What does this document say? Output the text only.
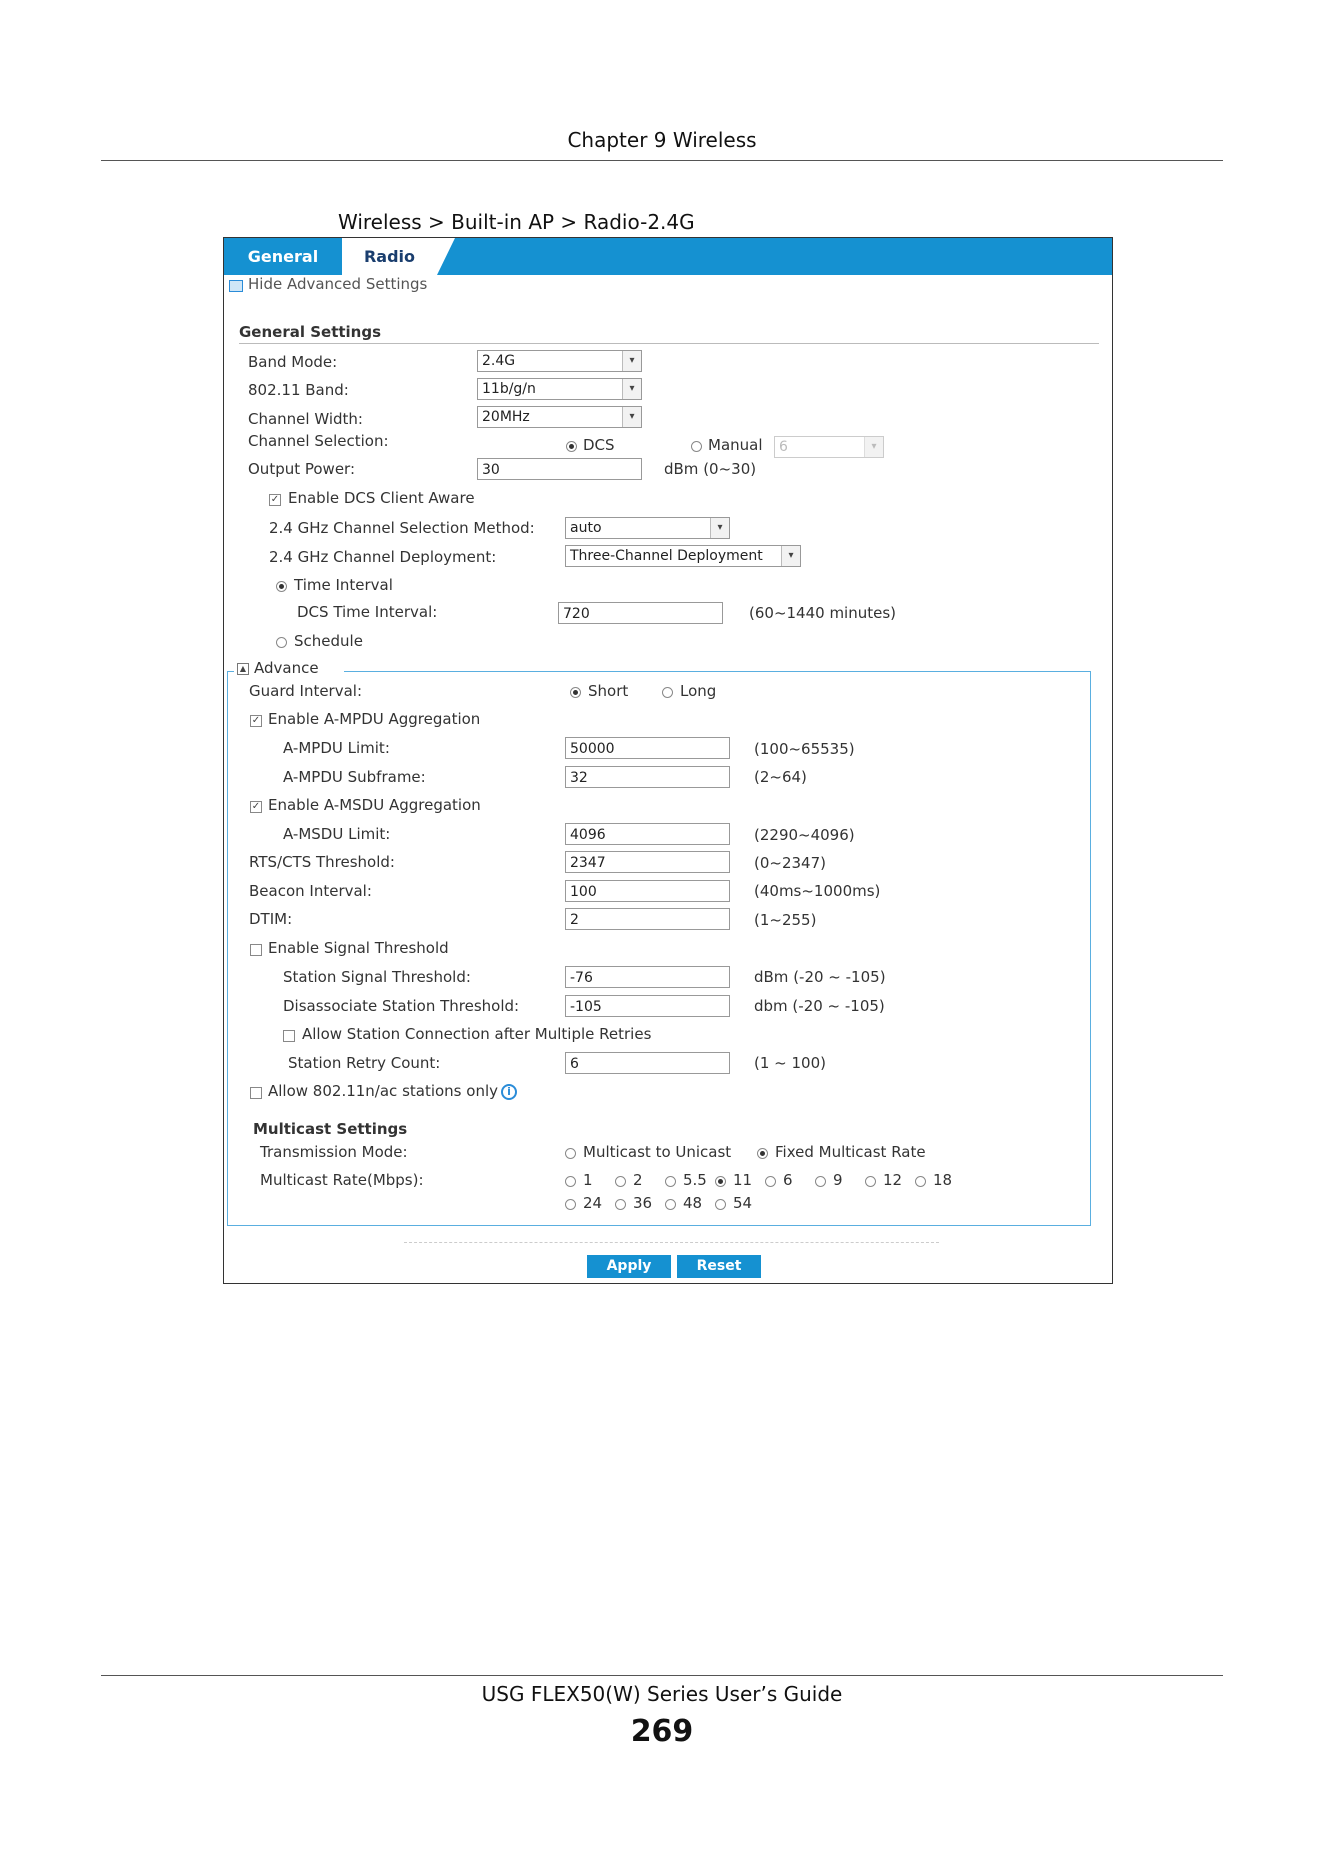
Chapter 9 Wireless
Wireless > Built-in AP > Radio-2.4G
General	Radio
Hide Advanced Settings
General Settings
Band Mode:	2.4G	▾
802.11 Band:	11b/g/n	▾
Channel Width:	20MHz	▾
Channel Selection:	DCS	Manual	6	▾
Output Power:	30	dBm (0~30)
✓ Enable DCS Client Aware
2.4 GHz Channel Selection Method:	auto	▾
2.4 GHz Channel Deployment:	Three-Channel Deployment	▾
Time Interval
DCS Time Interval:	720	(60~1440 minutes)
Schedule
▲ Advance
Guard Interval:	Short	Long
✓ Enable A-MPDU Aggregation
A-MPDU Limit:	50000	(100~65535)
A-MPDU Subframe:	32	(2~64)
✓ Enable A-MSDU Aggregation
A-MSDU Limit:	4096	(2290~4096)
RTS/CTS Threshold:	2347	(0~2347)
Beacon Interval:	100	(40ms~1000ms)
DTIM:	2	(1~255)
Enable Signal Threshold
Station Signal Threshold:	-76	dBm (-20 ~ -105)
Disassociate Station Threshold:	-105	dbm (-20 ~ -105)
Allow Station Connection after Multiple Retries
Station Retry Count:	6	(1 ~ 100)
Allow 802.11n/ac stations only i
Multicast Settings
Transmission Mode:	Multicast to Unicast	Fixed Multicast Rate
Multicast Rate(Mbps):	1	2	5.5 11 6	9	12 18
24 36 48 54
Apply	Reset
USG FLEX50(W) Series User’s Guide
269
